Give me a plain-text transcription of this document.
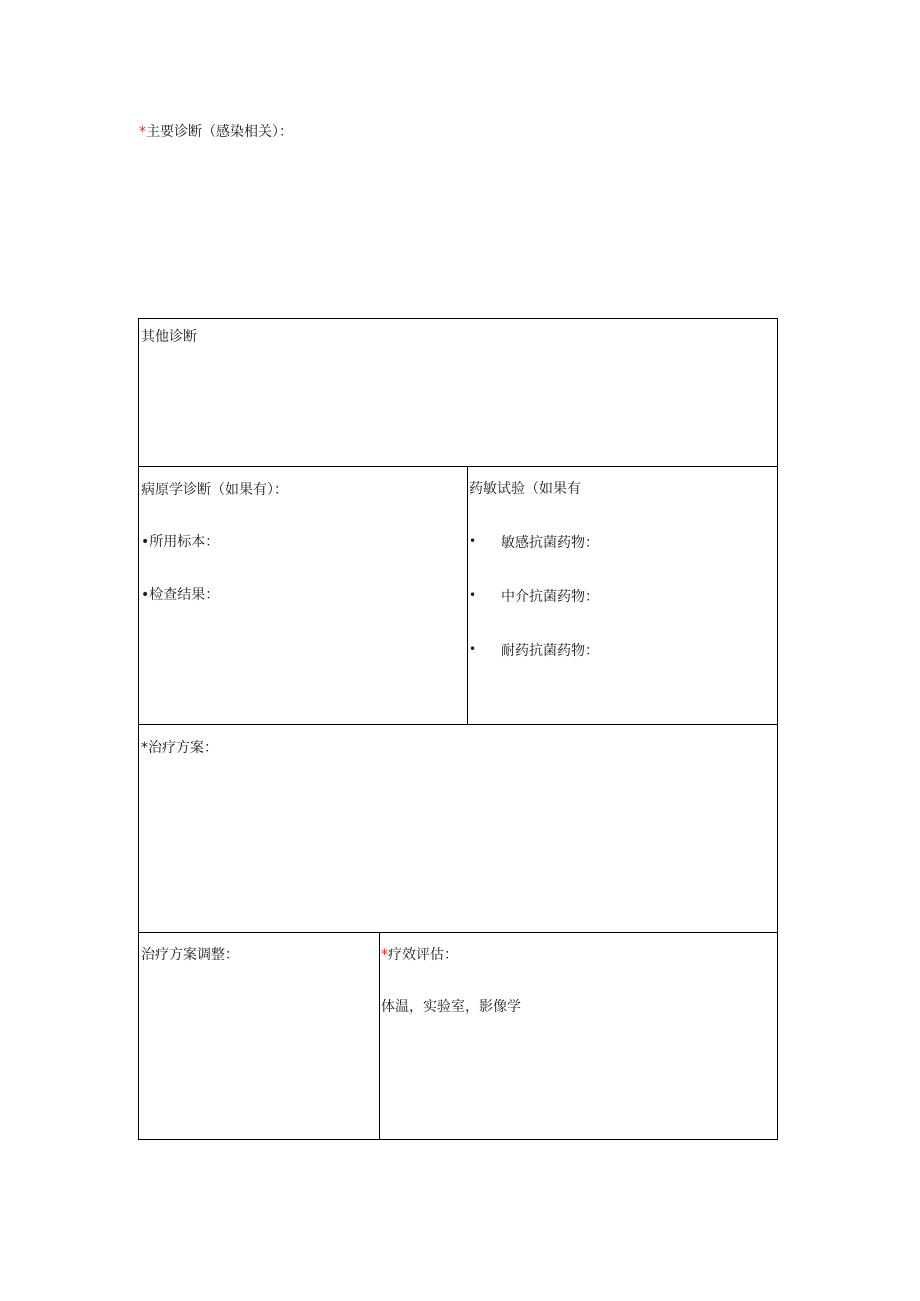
*主要诊断（感染相关）：
其他诊断
病原学诊断（如果有）：
•所用标本：
•检查结果：
药敏试验（如果有
• 敏感抗菌药物：
• 中介抗菌药物：
• 耐药抗菌药物：
*治疗方案：
治疗方案调整：	*疗效评估：
体温，实验室，影像学
